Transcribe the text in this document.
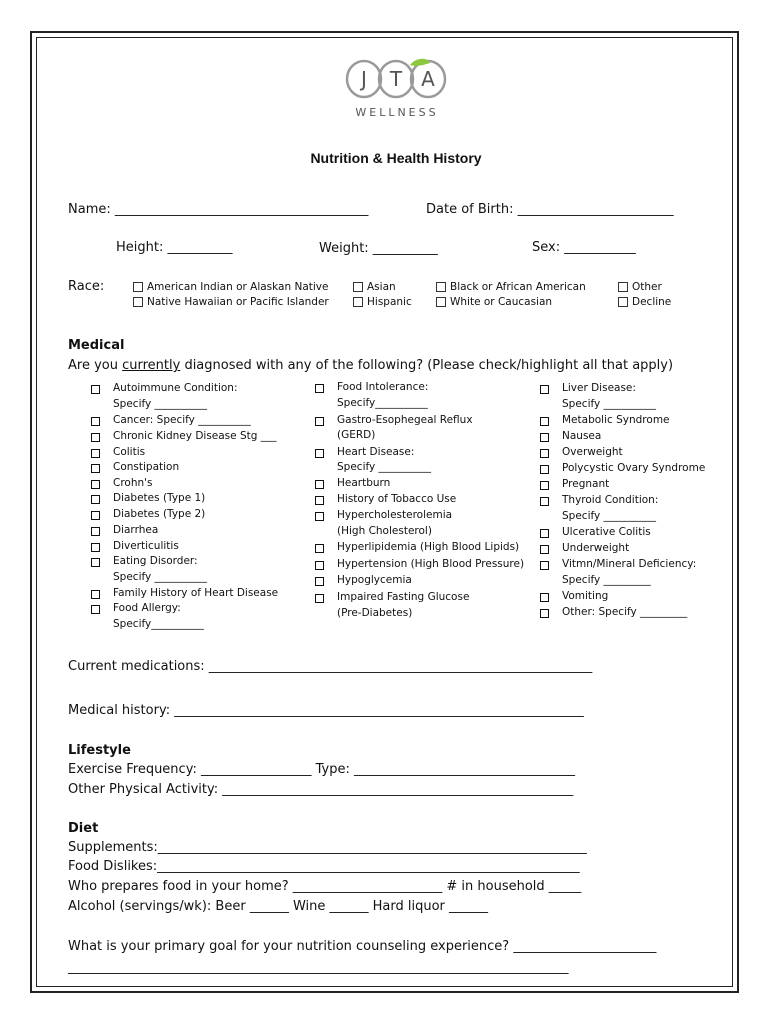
J T A
WELLNESS
Nutrition & Health History
Name: _______________________________________	Date of Birth: ________________________
Height: __________	Weight: __________	Sex: ___________
Race:	American Indian or Alaskan Native
Native Hawaiian or Pacific Islander
Asian
Hispanic
Black or African American
White or Caucasian
Other
Decline
Medical
Are you currently diagnosed with any of the following? (Please check/highlight all that apply)
Autoimmune Condition:
Specify __________
Cancer: Specify __________
Chronic Kidney Disease Stg ___
Colitis
Constipation
Crohn's
Diabetes (Type 1)
Diabetes (Type 2)
Diarrhea
Diverticulitis
Eating Disorder:
Specify __________
Family History of Heart Disease
Food Allergy:
Specify__________
Food Intolerance:
Specify__________
Gastro-Esophegeal Reflux
(GERD)
Heart Disease:
Specify __________
Heartburn
History of Tobacco Use
Hypercholesterolemia
(High Cholesterol)
Hyperlipidemia (High Blood Lipids)
Hypertension (High Blood Pressure)
Hypoglycemia
Impaired Fasting Glucose
(Pre-Diabetes)
Liver Disease:
Specify __________
Metabolic Syndrome
Nausea
Overweight
Polycystic Ovary Syndrome
Pregnant
Thyroid Condition:
Specify __________
Ulcerative Colitis
Underweight
Vitmn/Mineral Deficiency:
Specify _________
Vomiting
Other: Specify _________
Current medications: ___________________________________________________________
Medical history: _______________________________________________________________
Lifestyle
Exercise Frequency: _________________ Type: __________________________________
Other Physical Activity: ______________________________________________________
Diet
Supplements:__________________________________________________________________
Food Dislikes:_________________________________________________________________
Who prepares food in your home? _______________________ # in household _____
Alcohol (servings/wk): Beer ______ Wine ______ Hard liquor ______
What is your primary goal for your nutrition counseling experience? ______________________
_____________________________________________________________________________
